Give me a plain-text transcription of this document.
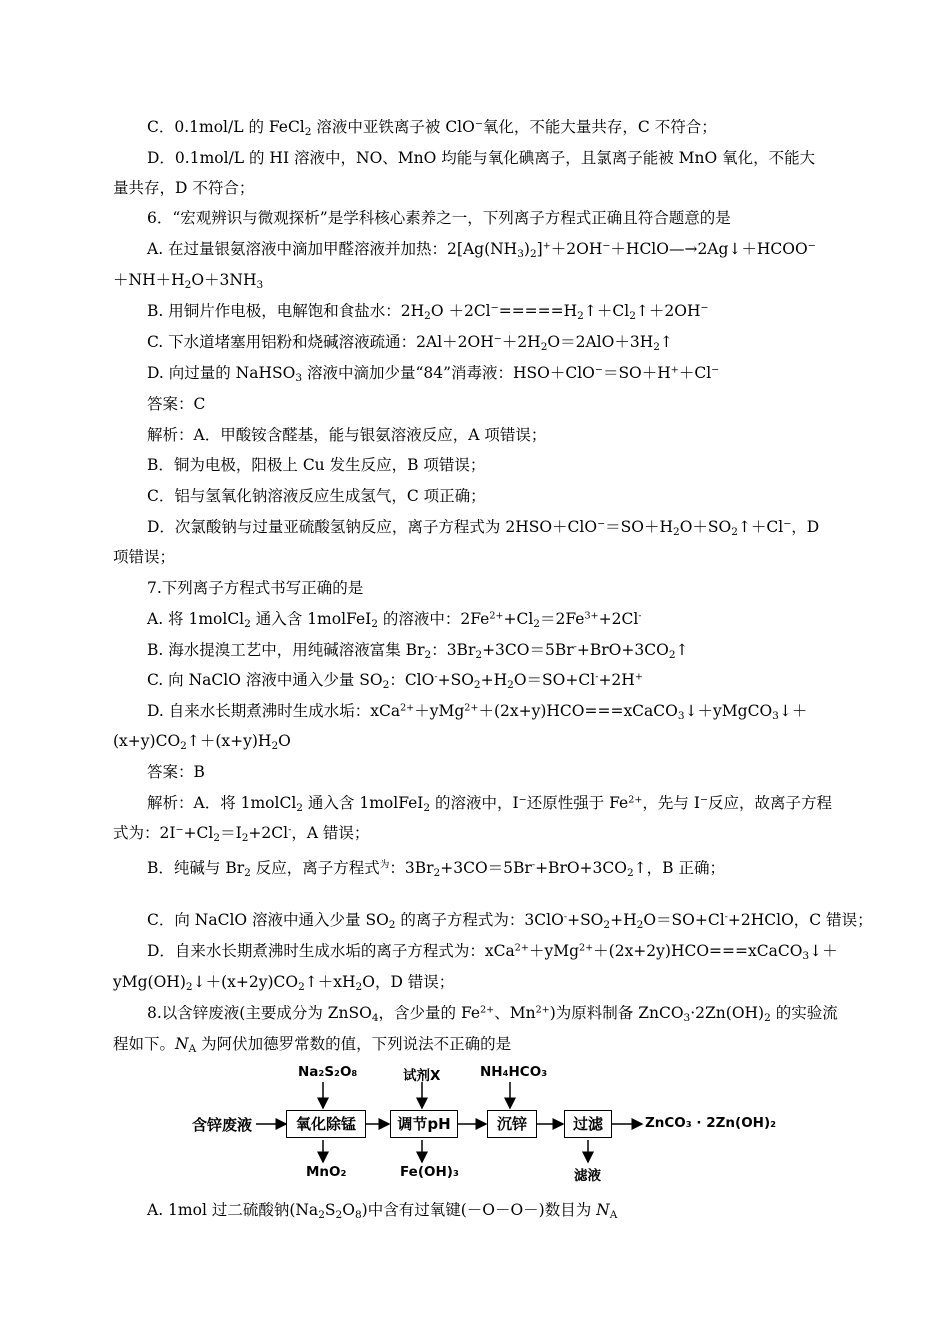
C．0.1mol/L 的 FeCl$_2$ 溶液中亚铁离子被 ClO−氧化，不能大量共存，C 不符合；
D．0.1mol/L 的 HI 溶液中，NO、MnO 均能与氧化碘离子，且氯离子能被 MnO 氧化，不能大
量共存，D 不符合；
6．“宏观辨识与微观探析”是学科核心素养之一，下列离子方程式正确且符合题意的是
A. 在过量银氨溶液中滴加甲醛溶液并加热：$2[Ag(NH_3)_2]^++2OH^-+HClO—\to 2Ag↓+HCOO^-$
$+NH+H_2O+3NH_3$
B. 用铜片作电极，电解饱和食盐水：$2H_2O$ $+2Cl^-=====H_2↑+Cl_2↑+2OH^-$
C. 下水道堵塞用铝粉和烧碱溶液疏通：$2Al+2OH^-+2H_2O=2AlO+3H_2↑$
D. 向过量的 NaHSO$_3$ 溶液中滴加少量“84”消毒液：HSO＋ClO−＝SO＋H+＋Cl−
答案：C
解析：A．甲酸铵含醛基，能与银氨溶液反应，A 项错误；
B．铜为电极，阳极上 Cu 发生反应，B 项错误；
C．铝与氢氧化钠溶液反应生成氢气，C 项正确；
D．次氯酸钠与过量亚硫酸氢钠反应，离子方程式为 $2HSO+ClO^-=SO+H_2O+SO_2↑+Cl^-$，D
项错误；
7.下列离子方程式书写正确的是
A. 将 1molCl$_2$ 通入含 1molFeI$_2$ 的溶液中：$2Fe^{2+}+Cl_2=2Fe^{3+}+2Cl^-$
B. 海水提溴工艺中，用纯碱溶液富集 $Br_2$：$3Br_2+3CO=5Br^-+BrO+3CO_2↑$
C. 向 NaClO 溶液中通入少量 $SO_2$：$ClO^-+SO_2+H_2O=SO+Cl^-+2H^+$
D. 自来水长期煮沸时生成水垢：xCa$^{2+}$＋yMg$^{2+}$＋(2x+y)HCO===xCaCO$_3$↓＋yMgCO$_3$↓＋
$(x+y)CO_2↑+(x+y)H_2O$
答案：B
解析：A．将 1molCl$_2$ 通入含 1molFeI$_2$ 的溶液中，I−还原性强于 $Fe^{2+}$，先与 I−反应，故离子方程
式为：$2I^-+Cl_2=I_2+2Cl^-$，A 错误；
B．纯碱与 $Br_2$ 反应，离子方程式$^为$：$3Br_2+3CO=5Br^-+BrO+3CO_2↑$，B 正确；
C．向 NaClO 溶液中通入少量 $SO_2$ 的离子方程式为：$3ClO^-+SO_2+H_2O=SO+Cl^-+2HClO$，C 错误；
D．自来水长期煮沸时生成水垢的离子方程式为：xCa$^{2+}$＋yMg$^{2+}$＋(2x+2y)HCO===xCaCO$_3$↓＋
$yMg(OH)_2↓+(x+2y)CO_2↑+xH_2O$，D 错误；
8.以含锌废液(主要成分为 ZnSO$_4$，含少量的 $Fe^{2+}$、$Mn^{2+}$)为原料制备 $ZnCO_3\cdot 2Zn(OH)_2$ 的实验流
程如下。$N_A$ 为阿伏加德罗常数的值，下列说法不正确的是
含锌废液	氧化除锰	调节pH	沉锌	过滤
Na₂S₂O₈	试剂X	NH₄HCO₃
MnO₂	Fe(OH)₃	滤液
ZnCO₃ · 2Zn(OH)₂
A. 1mol 过二硫酸钠$(Na_2S_2O_8)$中含有过氧键(－O－O－)数目为 $N_A$
